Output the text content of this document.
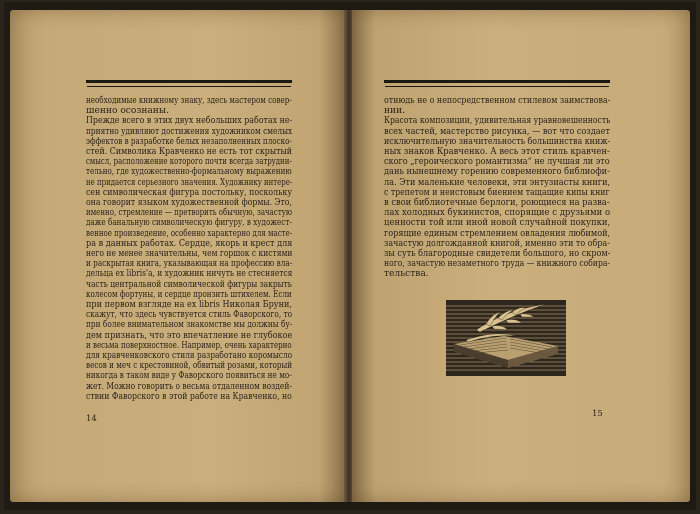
необходимые книжному знаку, здесь мастером совер-
шенно осознаны.
Прежде всего в этих двух небольших работах не-
приятно удивляют достижения художником смелых
эффектов в разработке белых незаполненных плоско-
стей. Символика Кравченко не есть тот скрытый
смысл, расположение которого почти всегда затрудни-
тельно, где художественно-формальному выражению
не придается серьезного значения. Художнику интере-
сен символическая фигура постольку, поскольку
она говорит языком художественной формы. Это,
именно, стремление — претворить обычную, зачастую
даже банальную символическую фигуру, в художест-
венное произведение, особенно характерно для масте-
ра в данных работах. Сердце, якорь и крест для
него не менее значительны, чем горшок с кистями
и раскрытая книга, указывающая на профессию вла-
дельца ex libris'a, и художник ничуть не стесняется
часть центральной символической фигуры закрыть
колесом фортуны, и сердце пронзить штихелем. Если
при первом взгляде на ex libris Николая Бруни,
скажут, что здесь чувствуется стиль Фаворского, то
при более внимательном знакомстве мы должны бу-
дем признать, что это впечатление не глубокое
и весьма поверхностное. Например, очень характерно
для кравченковского стиля разработано коромысло
весов и меч с крестовиной, обвитый розами, который
никогда в таком виде у Фаворского появиться не мо-
жет. Можно говорить о весьма отдаленном воздей-
ствии Фаворского в этой работе на Кравченко, но
14
отнюдь не о непосредственном стилевом заимствова-
нии.
Красота композиции, удивительная уравновешенность
всех частей, мастерство рисунка, — вот что создает
исключительную значительность большинства книж-
ных знаков Кравченко. А весь этот стиль кравчен-
ского „героического романтизма“ не лучшая ли это
дань нынешнему горению современного библиофи-
ла. Эти маленькие человеки, эти энтузиасты книги,
с трепетом и неистовым биением тащащие кипы книг
в свои библиотечные берлоги, роющиеся на разва-
лах холодных букинистов, спорящие с друзьями о
ценности той или иной новой случайной покупки,
горящие единым стремлением овладения любимой,
зачастую долгожданной книгой, именно эти то обра-
зы суть благородные свидетели большого, но скром-
ного, зачастую незаметного труда — книжного собира-
тельства.
15
